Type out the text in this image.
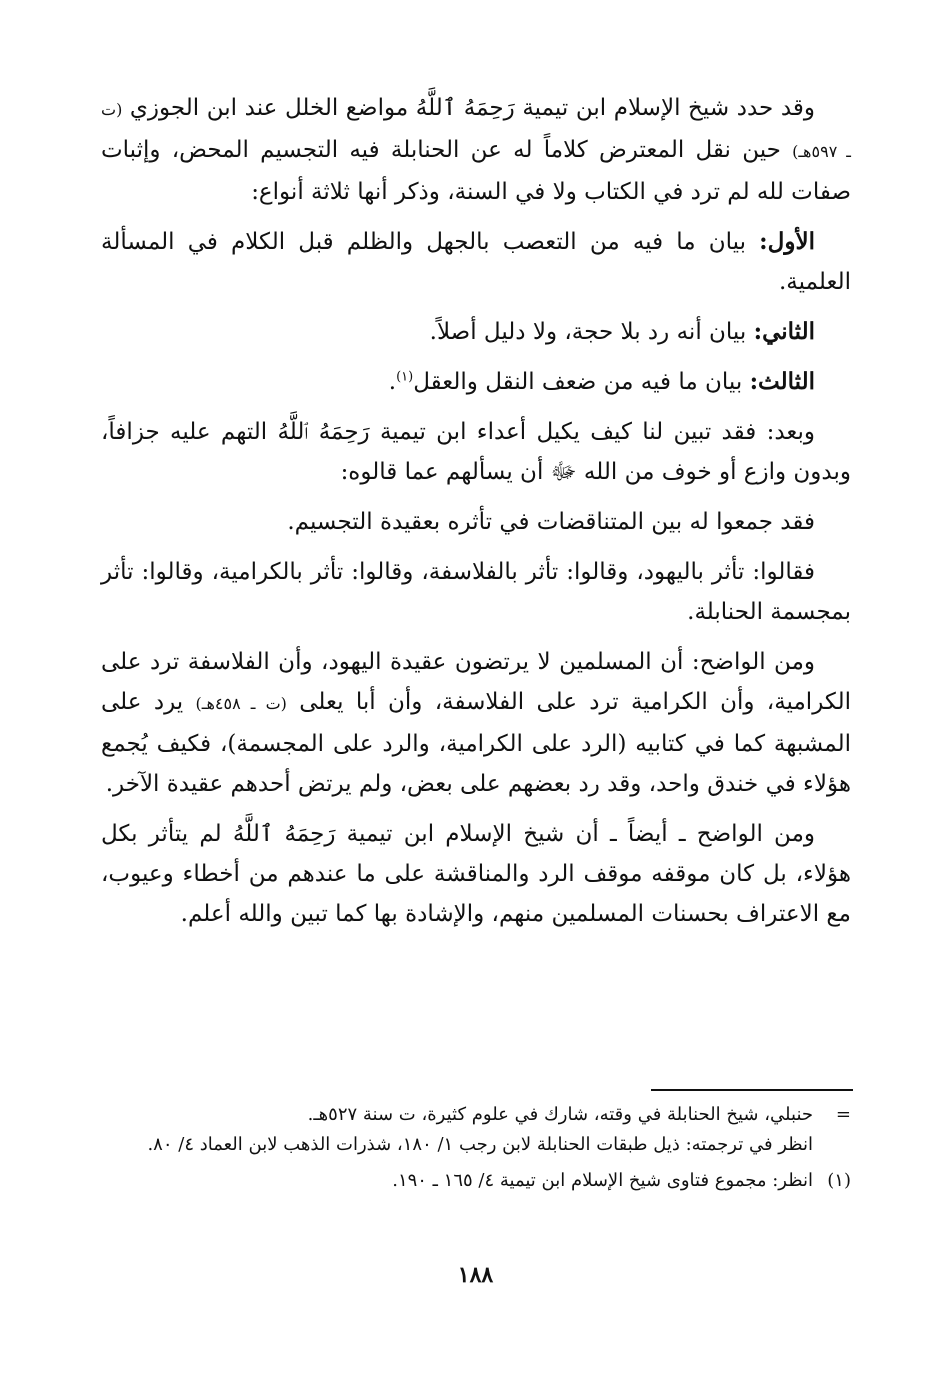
وقد حدد شيخ الإسلام ابن تيمية رَحِمَهُ ٱللَّهُ مواضع الخلل عند ابن الجوزي (ت ـ ٥٩٧هـ) حين نقل المعترض كلاماً له عن الحنابلة فيه التجسيم المحض، وإثبات صفات لله لم ترد في الكتاب ولا في السنة، وذكر أنها ثلاثة أنواع:

الأول: بيان ما فيه من التعصب بالجهل والظلم قبل الكلام في المسألة العلمية.

الثاني: بيان أنه رد بلا حجة، ولا دليل أصلاً.

الثالث: بيان ما فيه من ضعف النقل والعقل$^{(١)}$.

وبعد: فقد تبين لنا كيف يكيل أعداء ابن تيمية رَحِمَهُ ٱللَّهُ التهم عليه جزافاً، وبدون وازع أو خوف من الله ﷻ أن يسألهم عما قالوه:

فقد جمعوا له بين المتناقضات في تأثره بعقيدة التجسيم.

فقالوا: تأثر باليهود، وقالوا: تأثر بالفلاسفة، وقالوا: تأثر بالكرامية، وقالوا: تأثر بمجسمة الحنابلة.

ومن الواضح: أن المسلمين لا يرتضون عقيدة اليهود، وأن الفلاسفة ترد على الكرامية، وأن الكرامية ترد على الفلاسفة، وأن أبا يعلى (ت ـ ٤٥٨هـ) يرد على المشبهة كما في كتابيه (الرد على الكرامية، والرد على المجسمة)، فكيف يُجمع هؤلاء في خندق واحد، وقد رد بعضهم على بعض، ولم يرتض أحدهم عقيدة الآخر.

ومن الواضح ـ أيضاً ـ أن شيخ الإسلام ابن تيمية رَحِمَهُ ٱللَّهُ لم يتأثر بكل هؤلاء، بل كان موقفه موقف الرد والمناقشة على ما عندهم من أخطاء وعيوب، مع الاعتراف بحسنات المسلمين منهم، والإشادة بها كما تبين والله أعلم.

=
حنبلي، شيخ الحنابلة في وقته، شارك في علوم كثيرة، ت سنة ٥٢٧هـ.
انظر في ترجمته: ذيل طبقات الحنابلة لابن رجب ١/ ١٨٠، شذرات الذهب لابن العماد ٤/ ٨٠.
(١)
انظر: مجموع فتاوى شيخ الإسلام ابن تيمية ٤/ ١٦٥ ـ ١٩٠.
١٨٨
